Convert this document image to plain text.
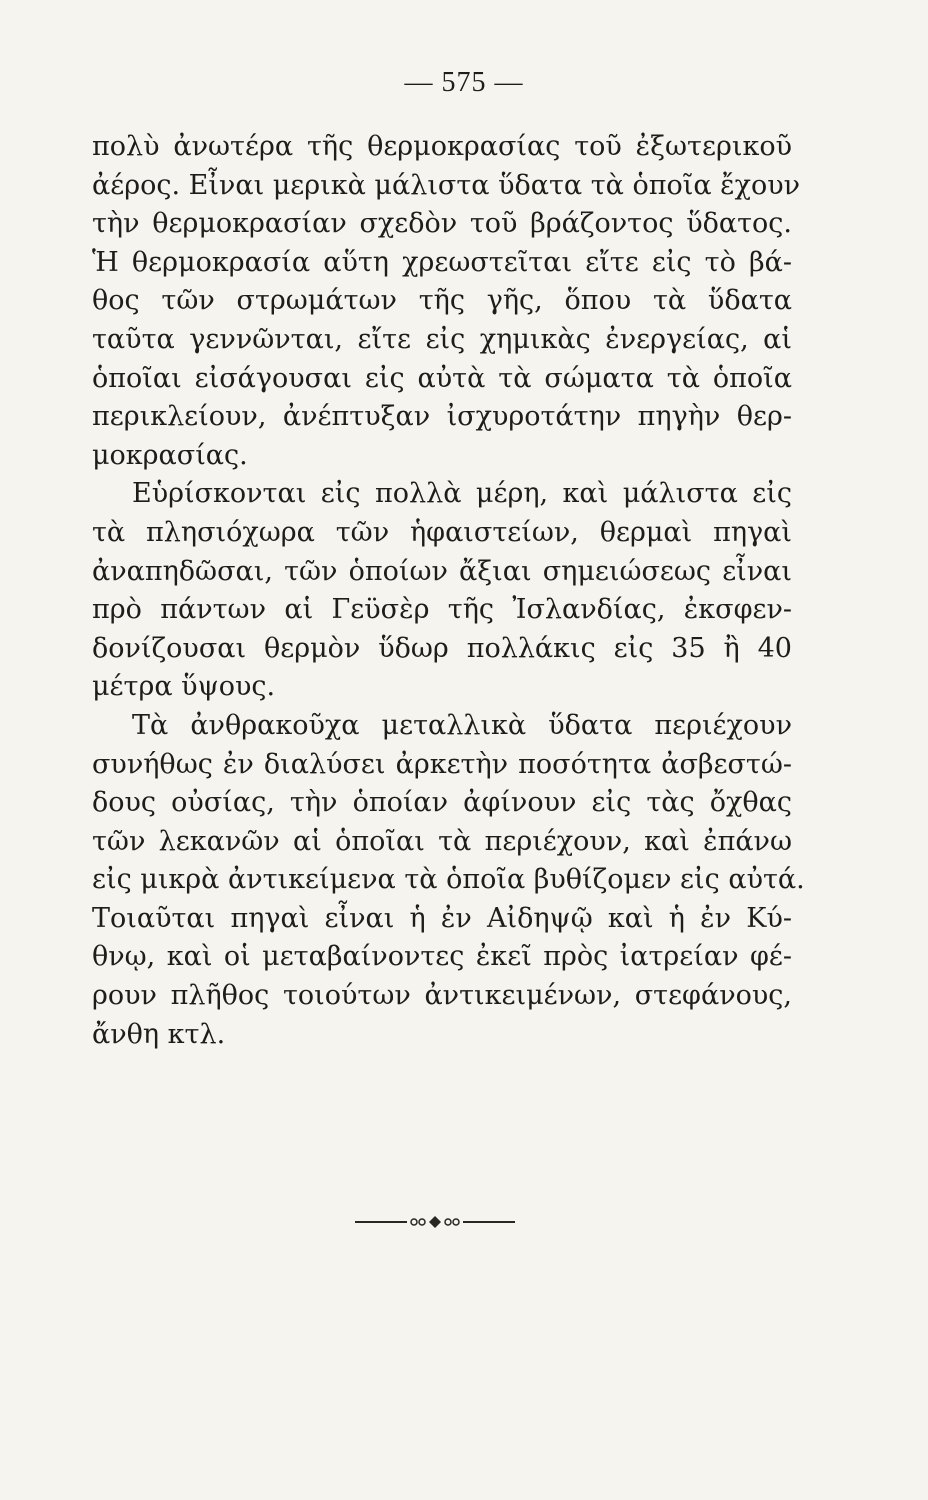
— 575 —

πολὺ ἀνωτέρα τῆς θερμοκρασίας τοῦ ἐξωτερικοῦ
ἀέρος. Εἶναι μερικὰ μάλιστα ὕδατα τὰ ὁποῖα ἔχουν
τὴν θερμοκρασίαν σχεδὸν τοῦ βράζοντος ὕδατος.
Ἡ θερμοκρασία αὕτη χρεωστεῖται εἴτε εἰς τὸ βά-
θος τῶν στρωμάτων τῆς γῆς, ὅπου τὰ ὕδατα
ταῦτα γεννῶνται, εἴτε εἰς χημικὰς ἐνεργείας, αἱ
ὁποῖαι εἰσάγουσαι εἰς αὐτὰ τὰ σώματα τὰ ὁποῖα
περικλείουν, ἀνέπτυξαν ἰσχυροτάτην πηγὴν θερ-
μοκρασίας.

Εὑρίσκονται εἰς πολλὰ μέρη, καὶ μάλιστα εἰς
τὰ πλησιόχωρα τῶν ἡφαιστείων, θερμαὶ πηγαὶ
ἀναπηδῶσαι, τῶν ὁποίων ἄξιαι σημειώσεως εἶναι
πρὸ πάντων αἱ Γεϋσὲρ τῆς Ἰσλανδίας, ἐκσφεν-
δονίζουσαι θερμὸν ὕδωρ πολλάκις εἰς 35 ἢ 40
μέτρα ὕψους.

Τὰ ἀνθρακοῦχα μεταλλικὰ ὕδατα περιέχουν
συνήθως ἐν διαλύσει ἀρκετὴν ποσότητα ἀσβεστώ-
δους οὐσίας, τὴν ὁποίαν ἀφίνουν εἰς τὰς ὄχθας
τῶν λεκανῶν αἱ ὁποῖαι τὰ περιέχουν, καὶ ἐπάνω
εἰς μικρὰ ἀντικείμενα τὰ ὁποῖα βυθίζομεν εἰς αὐτά.
Τοιαῦται πηγαὶ εἶναι ἡ ἐν Αἰδηψῷ καὶ ἡ ἐν Κύ-
θνῳ, καὶ οἱ μεταβαίνοντες ἐκεῖ πρὸς ἰατρείαν φέ-
ρουν πλῆθος τοιούτων ἀντικειμένων, στεφάνους,
ἄνθη κτλ.
